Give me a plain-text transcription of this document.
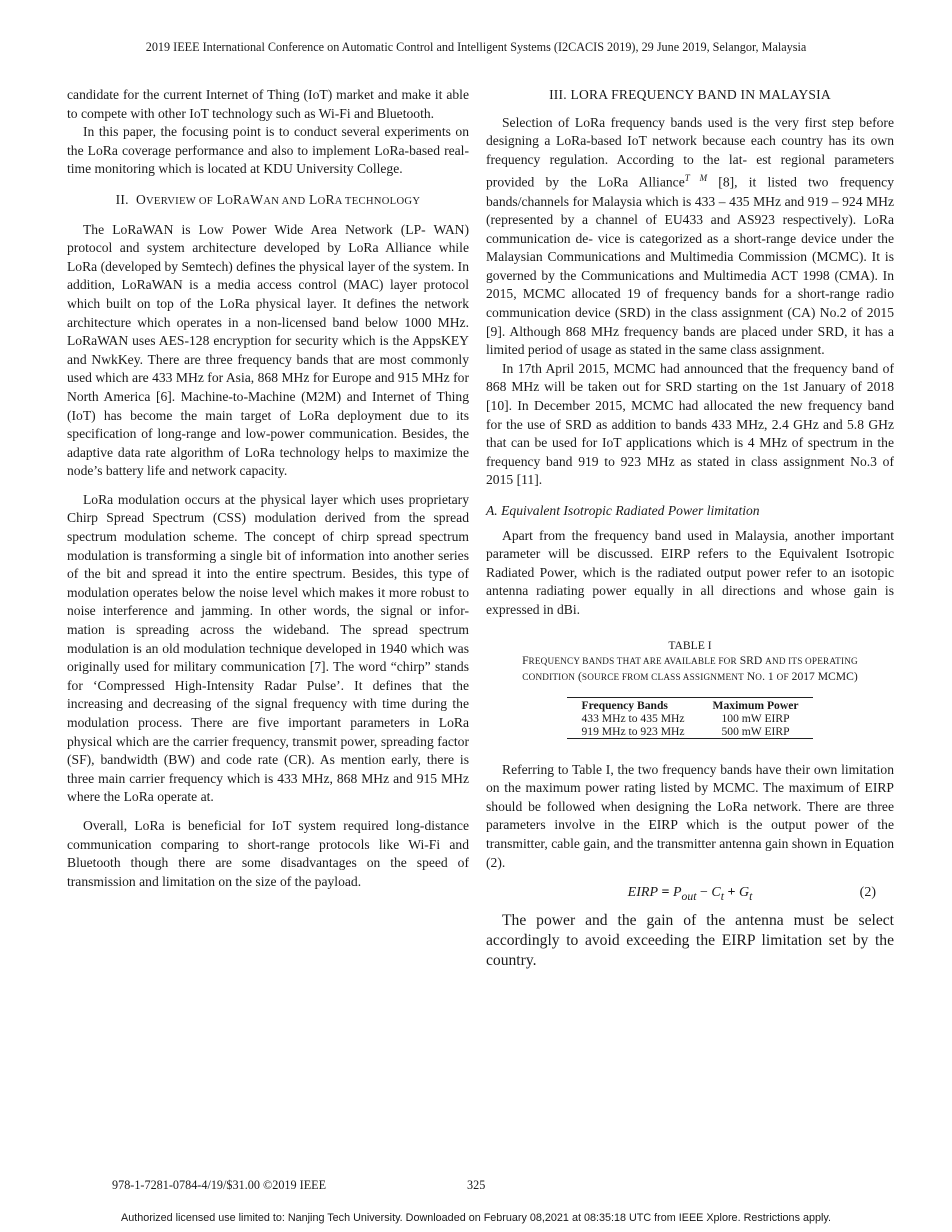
2019 IEEE International Conference on Automatic Control and Intelligent Systems (I2CACIS 2019), 29 June 2019, Selangor, Malaysia

candidate for the current Internet of Thing (IoT) market and make it able to compete with other IoT technology such as Wi-Fi and Bluetooth.

In this paper, the focusing point is to conduct several experiments on the LoRa coverage performance and also to implement LoRa-based real-time monitoring which is located at KDU University College.

II. OVERVIEW OF LORAWAN AND LORA TECHNOLOGY

The LoRaWAN is Low Power Wide Area Network (LP- WAN) protocol and system architecture developed by LoRa Alliance while LoRa (developed by Semtech) defines the physical layer of the system. In addition, LoRaWAN is a media access control (MAC) layer protocol which built on top of the LoRa physical layer. It defines the network architecture which operates in a non-licensed band below 1000 MHz. LoRaWAN uses AES-128 encryption for security which is the AppsKEY and NwkKey. There are three frequency bands that are most commonly used which are 433 MHz for Asia, 868 MHz for Europe and 915 MHz for North America [6]. Machine-to-Machine (M2M) and Internet of Thing (IoT) has become the main target of LoRa deployment due to its specification of long-range and low-power communication. Besides, the adaptive data rate algorithm of LoRa technology helps to maximize the node’s battery life and network capacity.

LoRa modulation occurs at the physical layer which uses proprietary Chirp Spread Spectrum (CSS) modulation derived from the spread spectrum modulation scheme. The concept of chirp spread spectrum modulation is transforming a single bit of information into another series of the bit and spread it into the entire spectrum. Besides, this type of modulation operates below the noise level which makes it more robust to noise interference and jamming. In other words, the signal or infor- mation is spreading across the wideband. The spread spectrum modulation is an old modulation technique developed in 1940 which was originally used for military communication [7]. The word “chirp” stands for ‘Compressed High-Intensity Radar Pulse’. It defines that the increasing and decreasing of the signal frequency with time during the modulation process. There are five important parameters in LoRa physical which are the carrier frequency, transmit power, spreading factor (SF), bandwidth (BW) and code rate (CR). As mention early, there is three main carrier frequency which is 433 MHz, 868 MHz and 915 MHz where the LoRa operate at.

Overall, LoRa is beneficial for IoT system required long-distance communication comparing to short-range protocols like Wi-Fi and Bluetooth though there are some disadvantages on the speed of transmission and limitation on the size of the payload.

III. LORA FREQUENCY BAND IN MALAYSIA

Selection of LoRa frequency bands used is the very first step before designing a LoRa-based IoT network because each country has its own frequency regulation. According to the lat- est regional parameters provided by the LoRa Alliance$^{T M}$ [8], it listed two frequency bands/channels for Malaysia which is 433 – 435 MHz and 919 – 924 MHz (represented by a channel of EU433 and AS923 respectively). LoRa communication de- vice is categorized as a short-range device under the Malaysian Communications and Multimedia Commission (MCMC). It is governed by the Communications and Multimedia ACT 1998 (CMA). In 2015, MCMC allocated 19 of frequency bands for a short-range radio communication device (SRD) in the class assignment (CA) No.2 of 2015 [9]. Although 868 MHz frequency bands are placed under SRD, it has a limited period of usage as stated in the same class assignment.

In 17th April 2015, MCMC had announced that the frequency band of 868 MHz will be taken out for SRD starting on the 1st January of 2018 [10]. In December 2015, MCMC had allocated the new frequency band for the use of SRD as addition to bands 433 MHz, 2.4 GHz and 5.8 GHz that can be used for IoT applications which is 4 MHz of spectrum in the frequency band 919 to 923 MHz as stated in class assignment No.3 of 2015 [11].

A. Equivalent Isotropic Radiated Power limitation

Apart from the frequency band used in Malaysia, another important parameter will be discussed. EIRP refers to the Equivalent Isotropic Radiated Power, which is the radiated output power refer to an isotopic antenna radiating power equally in all directions and whose gain is expressed in dBi.

TABLE I
FREQUENCY BANDS THAT ARE AVAILABLE FOR SRD AND ITS OPERATING
CONDITION (SOURCE FROM CLASS ASSIGNMENT NO. 1 OF 2017 MCMC)
Frequency Bands	Maximum Power
433 MHz to 435 MHz	100 mW EIRP
919 MHz to 923 MHz	500 mW EIRP

Referring to Table I, the two frequency bands have their own limitation on the maximum power rating listed by MCMC. The maximum of EIRP should be followed when designing the LoRa network. There are three parameters involve in the EIRP which is the output power of the transmitter, cable gain, and the transmitter antenna gain shown in Equation (2).

EIRP = $P_{out} - C_t + G_t$	(2)

The power and the gain of the antenna must be select accordingly to avoid exceeding the EIRP limitation set by the country.

978-1-7281-0784-4/19/$31.00 ©2019 IEEE	325
Authorized licensed use limited to: Nanjing Tech University. Downloaded on February 08,2021 at 08:35:18 UTC from IEEE Xplore. Restrictions apply.
